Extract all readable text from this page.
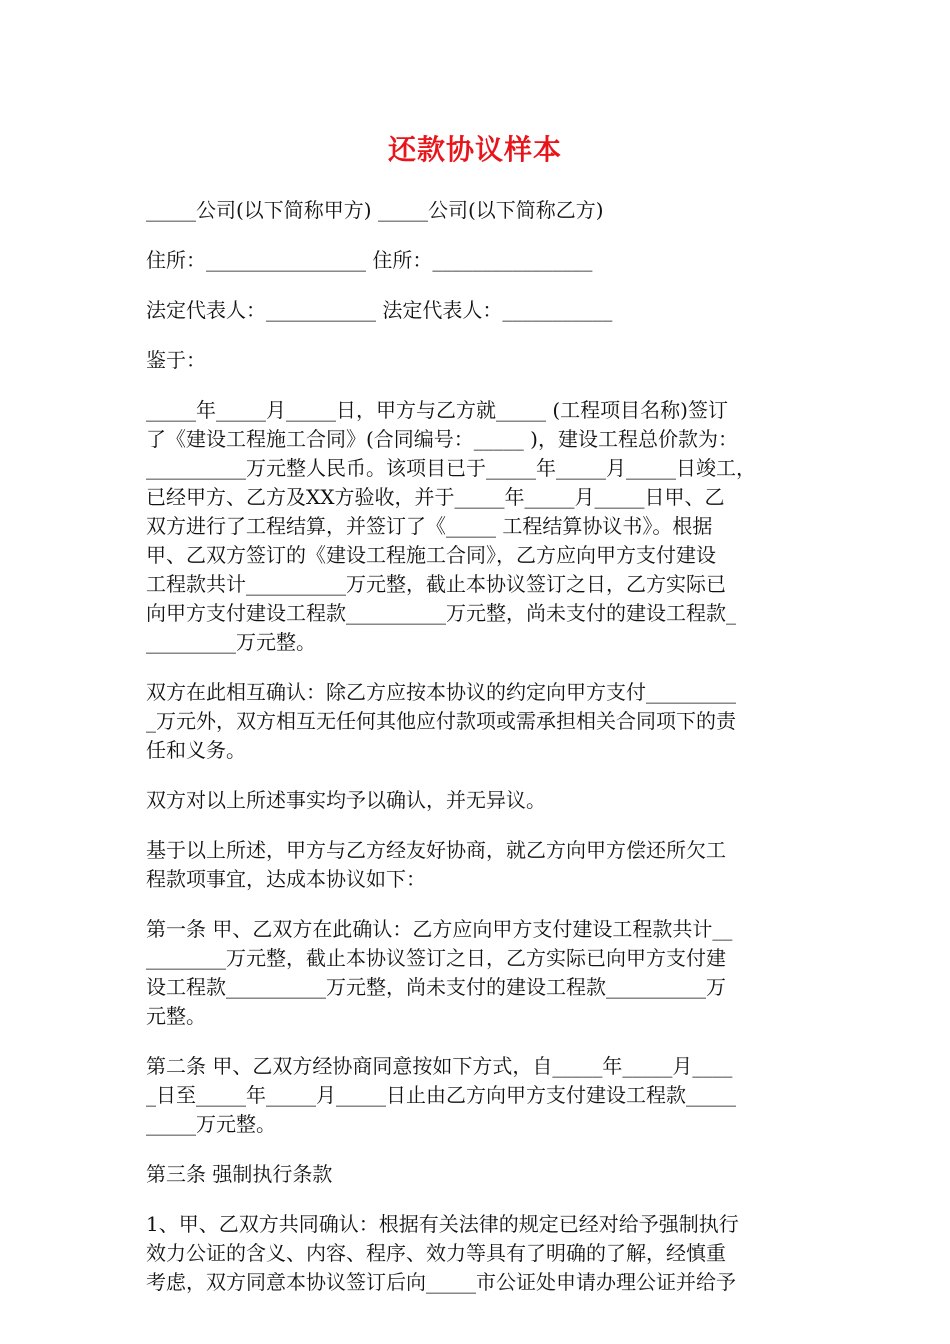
还款协议样本
_____公司(以下简称甲方) _____公司(以下简称乙方)
住所：________________ 住所：________________
法定代表人：___________ 法定代表人：___________
鉴于：
_____年_____月_____日，甲方与乙方就_____ (工程项目名称)签订
了《建设工程施工合同》(合同编号：_____ )，建设工程总价款为：
__________万元整人民币。该项目已于_____年_____月_____日竣工，
已经甲方、乙方及XX方验收，并于_____年_____月_____日甲、乙
双方进行了工程结算，并签订了《_____ 工程结算协议书》。根据
甲、乙双方签订的《建设工程施工合同》，乙方应向甲方支付建设
工程款共计__________万元整，截止本协议签订之日，乙方实际已
向甲方支付建设工程款__________万元整，尚未支付的建设工程款_
_________万元整。
双方在此相互确认：除乙方应按本协议的约定向甲方支付_________
_万元外，双方相互无任何其他应付款项或需承担相关合同项下的责
任和义务。
双方对以上所述事实均予以确认，并无异议。
基于以上所述，甲方与乙方经友好协商，就乙方向甲方偿还所欠工
程款项事宜，达成本协议如下：
第一条 甲、乙双方在此确认：乙方应向甲方支付建设工程款共计__
________万元整，截止本协议签订之日，乙方实际已向甲方支付建
设工程款__________万元整，尚未支付的建设工程款__________万
元整。
第二条 甲、乙双方经协商同意按如下方式，自_____年_____月____
_日至_____年_____月_____日止由乙方向甲方支付建设工程款_____
_____万元整。
第三条 强制执行条款
1、甲、乙双方共同确认：根据有关法律的规定已经对给予强制执行
效力公证的含义、内容、程序、效力等具有了明确的了解，经慎重
考虑，双方同意本协议签订后向_____市公证处申请办理公证并给予
